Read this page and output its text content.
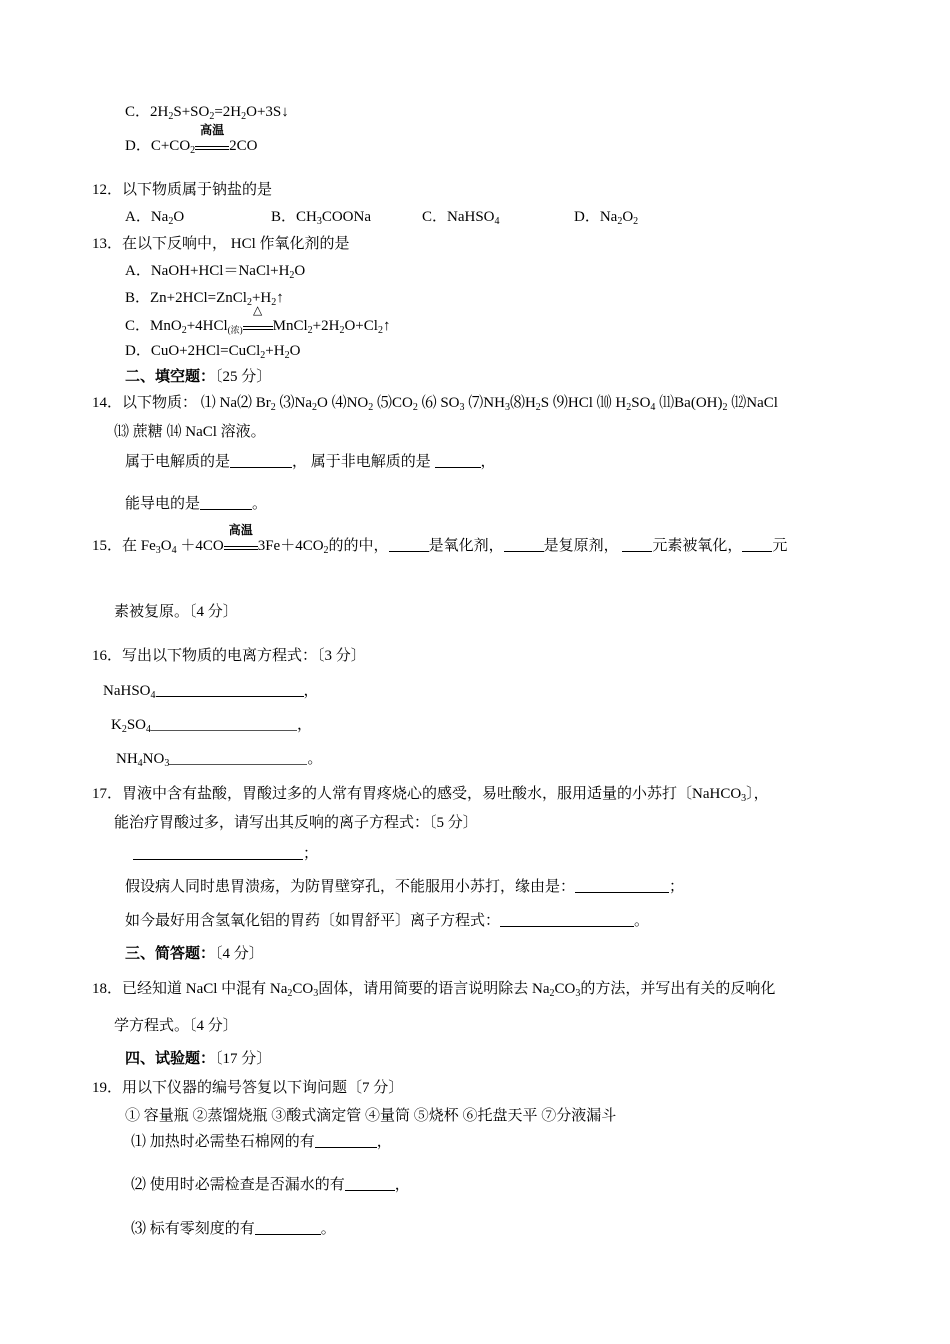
C．$2H_2S+SO_2=2H_2O+3S↓$
D．$C+CO_2$
高温
2CO
12．以下物质属于钠盐的是
A．$Na_2O$	B．$CH_3COONa$	C．NaHSO$_4$	D．$Na_2O_2$
13．在以下反响中， HCl 作氧化剂的是
A．$NaOH+HCl=NaCl+H_2O$
B．$Zn+2HCl=ZnCl_2+H_2↑$
C．MnO$_2$+4HCl$_{(浓)}$
△
$MnCl_2+2H_2O+Cl_2↑$
D．$CuO+2HCl=CuCl_2+H_2O$
二、填空题：〔25 分〕
14．以下物质： ⑴ Na⑵ $Br_2$ $⑶Na_2O$ $⑷NO_2$ $⑸CO_2$ ⑹ $SO_3$ $⑺NH_3⑻H_2S$ ⑼HCl ⑽ $H_2SO_4$ $⑾Ba(OH)_2$ ⑿NaCl
⒀ 蔗糖 ⒁ NaCl 溶液。
属于电解质的是	， 属于非电解质的是	，
能导电的是	。
15．在 $Fe_3O_4 +4CO$
高温
$3Fe+4CO_2$的的中，	是氧化剂，	是复原剂， 元素被氧化， 元
素被复原。〔4 分〕
16．写出以下物质的电离方程式：〔3 分〕
NaHSO$_4$	，
$K_2SO_4$	，
$NH_4NO_3$	。
17．胃液中含有盐酸，胃酸过多的人常有胃疼烧心的感受，易吐酸水，服用适量的小苏打〔NaHCO$_3$〕，
能治疗胃酸过多，请写出其反响的离子方程式：〔5 分〕
；
假设病人同时患胃溃疡，为防胃壁穿孔，不能服用小苏打，缘由是：	；
如今最好用含氢氧化铝的胃药〔如胃舒平〕离子方程式：	。
三、简答题：〔4 分〕
18．已经知道 NaCl 中混有 $Na_2CO_3$固体，请用简要的语言说明除去 $Na_2CO_3$的方法，并写出有关的反响化
学方程式。〔4 分〕
四、试验题：〔17 分〕
19．用以下仪器的编号答复以下询问题〔7 分〕
① 容量瓶 ②蒸馏烧瓶 ③酸式滴定管 ④量筒 ⑤烧杯 ⑥托盘天平 ⑦分液漏斗
⑴ 加热时必需垫石棉网的有	，
⑵ 使用时必需检查是否漏水的有	，
⑶ 标有零刻度的有	。
